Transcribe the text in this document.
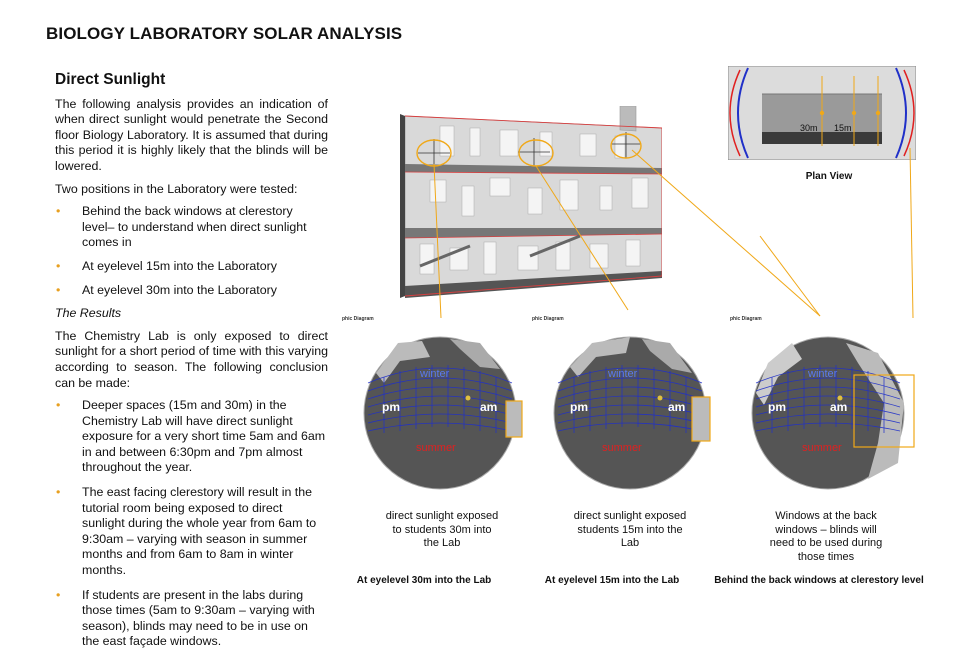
BIOLOGY LABORATORY SOLAR ANALYSIS
Direct Sunlight

The following analysis provides an indication of when direct sunlight would penetrate the Second floor Biology Laboratory. It is assumed that during this period it is highly likely that the blinds will be lowered.

Two positions in the Laboratory were tested:

• Behind the back windows at clerestory level– to understand when direct sunlight comes in
• At eyelevel 15m into the Laboratory
• At eyelevel 30m into the Laboratory

The Results

The Chemistry Lab is only exposed to direct sunlight for a short period of time with this varying according to season. The following conclusion can be made:

• Deeper spaces (15m and 30m) in the Chemistry Lab will have direct sunlight exposure for a very short time 5am and 6am in and between 6:30pm and 7pm almost throughout the year.
• The east facing clerestory will result in the tutorial room being exposed to direct sunlight during the whole year from 6am to 9:30am – varying with season in summer months and from 6am to 8am in winter months.
• If students are present in the labs during those times (5am to 9:30am – varying with season), blinds may need to be in use on the east façade windows.
30m 15m
Plan View
phic Diagram
winter
pm	am
summer
phic Diagram
winter
pm	am
summer
phic Diagram
winter
pm	am
summer
direct sunlight exposed
to students 30m into
the Lab
direct sunlight exposed
students 15m into the
Lab
Windows at the back
windows – blinds will
need to be used during
those times
At eyelevel 30m into the Lab	At eyelevel 15m into the Lab	Behind the back windows at clerestory level
